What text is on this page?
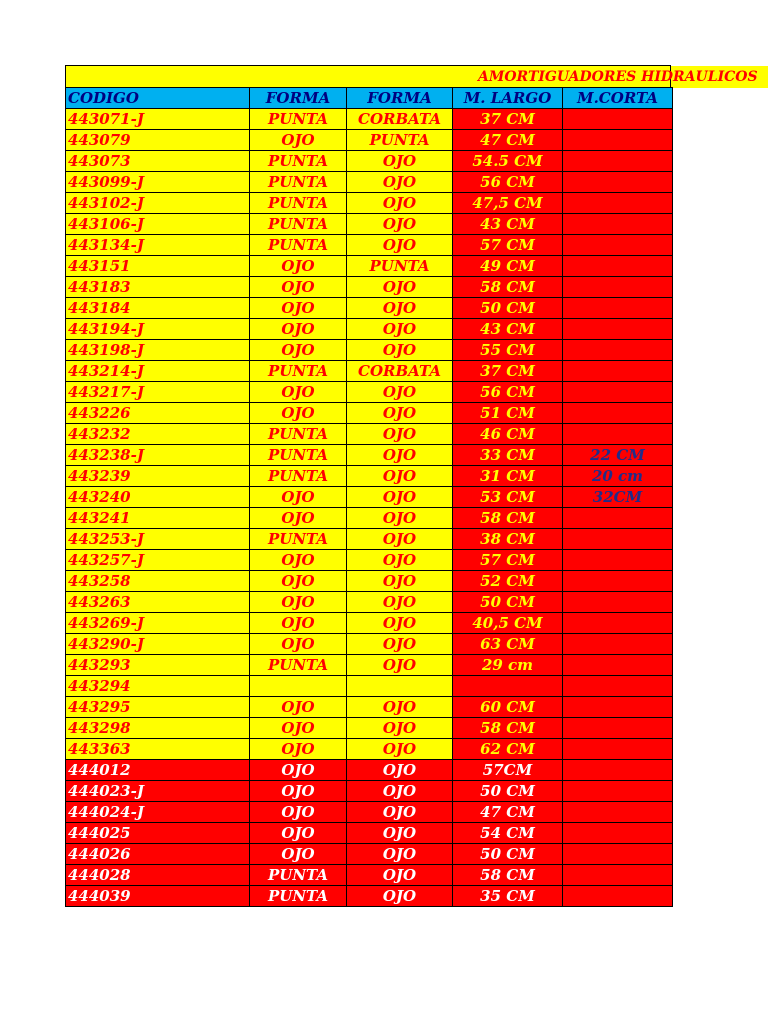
AMORTIGUADORES HIDRAULICOS
CODIGO	FORMA	FORMA	M. LARGO	M.CORTA
443071-J	PUNTA	CORBATA	37 CM	
443079	OJO	PUNTA	47 CM	
443073	PUNTA	OJO	54.5 CM	
443099-J	PUNTA	OJO	56 CM	
443102-J	PUNTA	OJO	47,5 CM	
443106-J	PUNTA	OJO	43 CM	
443134-J	PUNTA	OJO	57 CM	
443151	OJO	PUNTA	49 CM	
443183	OJO	OJO	58 CM	
443184	OJO	OJO	50 CM	
443194-J	OJO	OJO	43 CM	
443198-J	OJO	OJO	55 CM	
443214-J	PUNTA	CORBATA	37 CM	
443217-J	OJO	OJO	56 CM	
443226	OJO	OJO	51 CM	
443232	PUNTA	OJO	46 CM	
443238-J	PUNTA	OJO	33 CM	22 CM
443239	PUNTA	OJO	31 CM	20 cm
443240	OJO	OJO	53 CM	32CM
443241	OJO	OJO	58 CM	
443253-J	PUNTA	OJO	38 CM	
443257-J	OJO	OJO	57 CM	
443258	OJO	OJO	52 CM	
443263	OJO	OJO	50 CM	
443269-J	OJO	OJO	40,5 CM	
443290-J	OJO	OJO	63 CM	
443293	PUNTA	OJO	29 cm	
443294				
443295	OJO	OJO	60 CM	
443298	OJO	OJO	58 CM	
443363	OJO	OJO	62 CM	
444012	OJO	OJO	57CM	
444023-J	OJO	OJO	50 CM	
444024-J	OJO	OJO	47 CM	
444025	OJO	OJO	54 CM	
444026	OJO	OJO	50 CM	
444028	PUNTA	OJO	58 CM	
444039	PUNTA	OJO	35 CM	
